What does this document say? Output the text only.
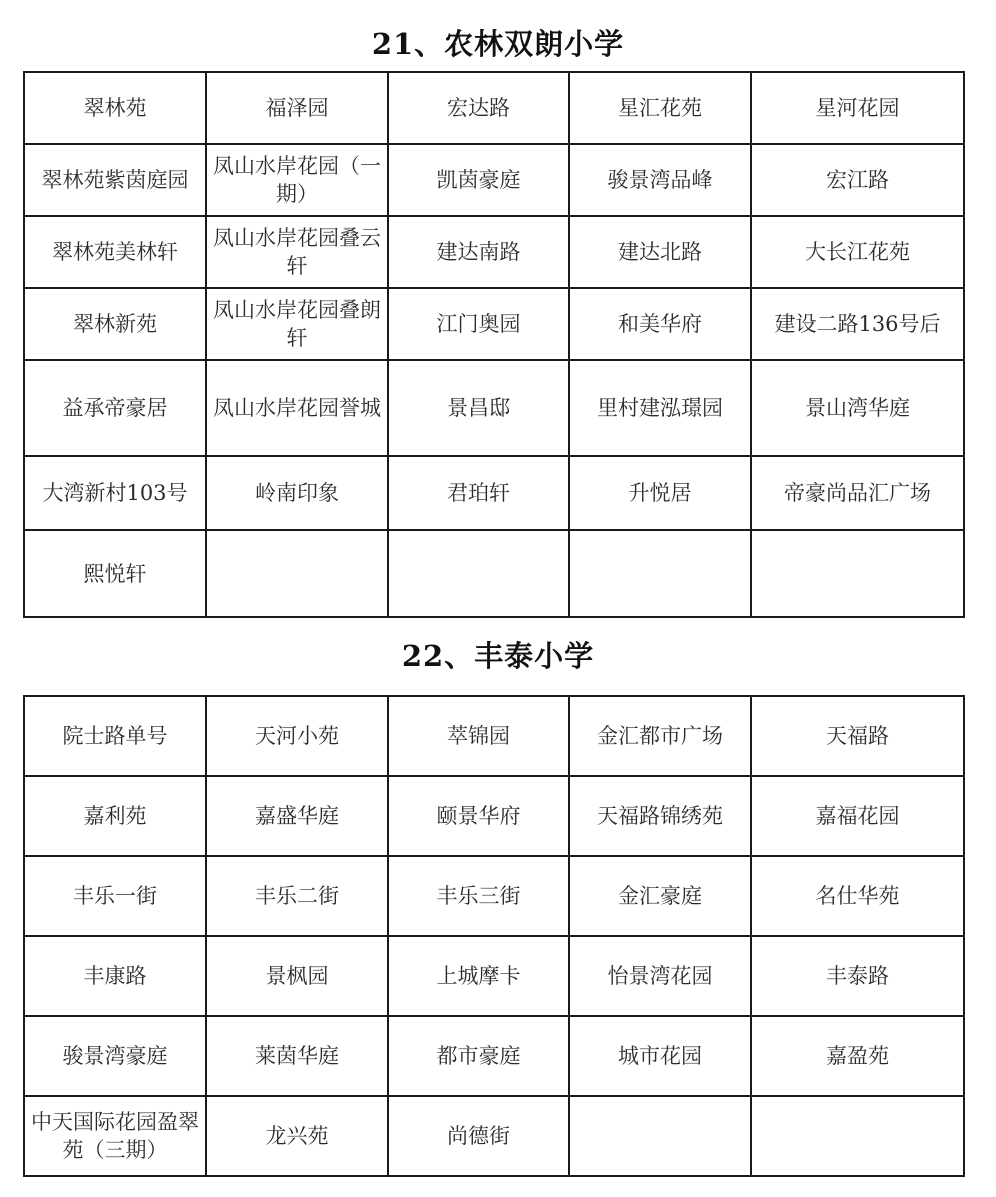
21、农林双朗小学
翠林苑	福泽园	宏达路	星汇花苑	星河花园
翠林苑紫茵庭园	凤山水岸花园（一期）	凯茵豪庭	骏景湾品峰	宏江路
翠林苑美林轩	凤山水岸花园叠云轩	建达南路	建达北路	大长江花苑
翠林新苑	凤山水岸花园叠朗轩	江门奥园	和美华府	建设二路136号后
益承帝豪居	凤山水岸花园誉城	景昌邸	里村建泓璟园	景山湾华庭
大湾新村103号	岭南印象	君珀轩	升悦居	帝豪尚品汇广场
熙悦轩				
22、丰泰小学
院士路单号	天河小苑	萃锦园	金汇都市广场	天福路
嘉利苑	嘉盛华庭	颐景华府	天福路锦绣苑	嘉福花园
丰乐一街	丰乐二街	丰乐三街	金汇豪庭	名仕华苑
丰康路	景枫园	上城摩卡	怡景湾花园	丰泰路
骏景湾豪庭	莱茵华庭	都市豪庭	城市花园	嘉盈苑
中天国际花园盈翠苑（三期）	龙兴苑	尚德街		
